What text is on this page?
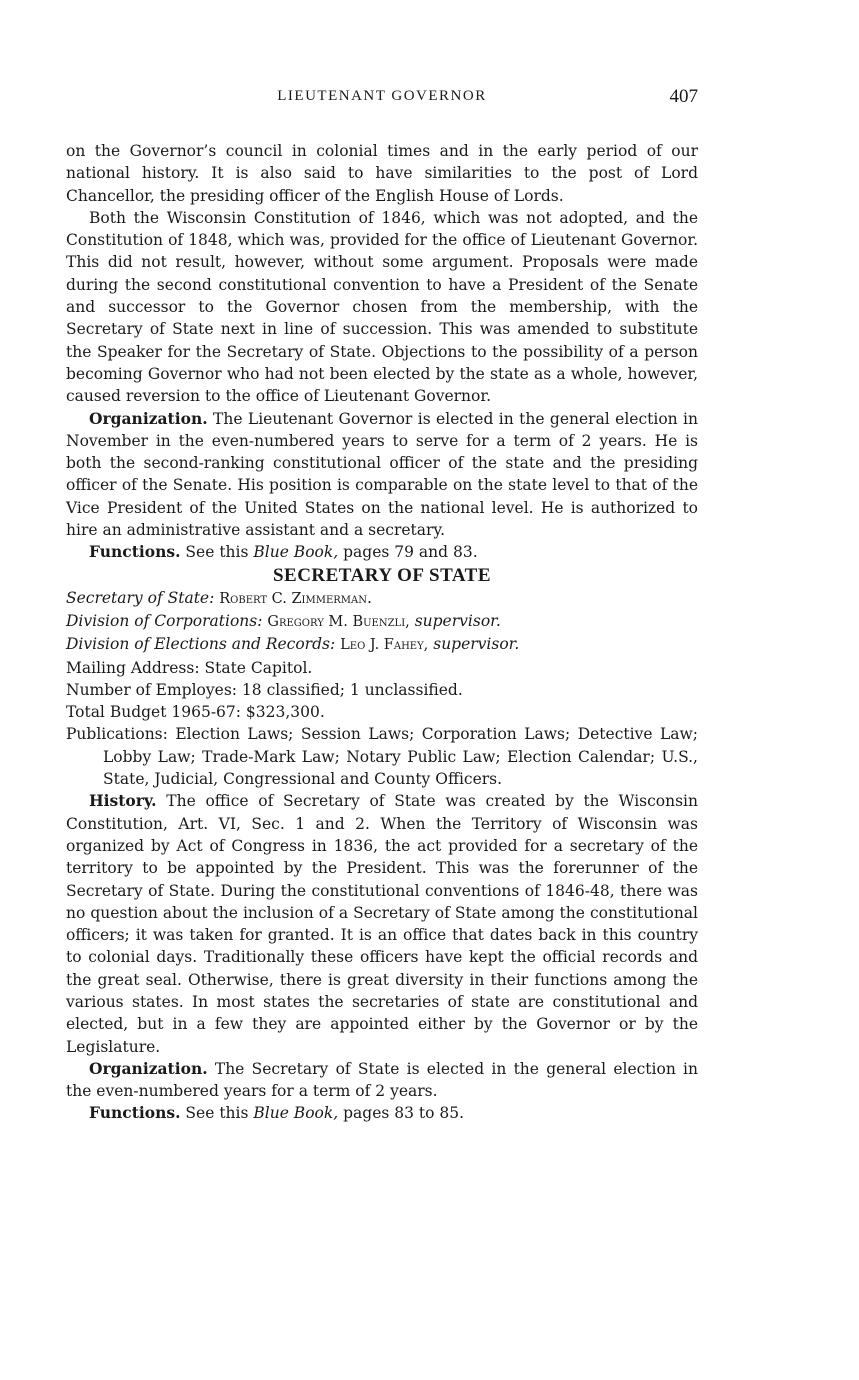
LIEUTENANT GOVERNOR	407

on the Governor’s council in colonial times and in the early period of our national history. It is also said to have similarities to the post of Lord Chancellor, the presiding officer of the English House of Lords.

Both the Wisconsin Constitution of 1846, which was not adopted, and the Constitution of 1848, which was, provided for the office of Lieutenant Governor. This did not result, however, without some argument. Proposals were made during the second constitutional convention to have a President of the Senate and successor to the Governor chosen from the membership, with the Secretary of State next in line of succession. This was amended to substitute the Speaker for the Secretary of State. Objections to the possibility of a person becoming Governor who had not been elected by the state as a whole, however, caused reversion to the office of Lieutenant Governor.

Organization. The Lieutenant Governor is elected in the general election in November in the even-numbered years to serve for a term of 2 years. He is both the second-ranking constitutional officer of the state and the presiding officer of the Senate. His position is comparable on the state level to that of the Vice President of the United States on the national level. He is authorized to hire an administrative assistant and a secretary.

Functions. See this Blue Book, pages 79 and 83.

SECRETARY OF STATE
Secretary of State: Robert C. Zimmerman.
Division of Corporations: Gregory M. Buenzli, supervisor.
Division of Elections and Records: Leo J. Fahey, supervisor.
Mailing Address: State Capitol.
Number of Employes: 18 classified; 1 unclassified.
Total Budget 1965-67: $323,300.

Publications: Election Laws; Session Laws; Corporation Laws; Detective Law; Lobby Law; Trade-Mark Law; Notary Public Law; Election Calendar; U.S., State, Judicial, Congressional and County Officers.

History. The office of Secretary of State was created by the Wisconsin Constitution, Art. VI, Sec. 1 and 2. When the Territory of Wisconsin was organized by Act of Congress in 1836, the act provided for a secretary of the territory to be appointed by the President. This was the forerunner of the Secretary of State. During the constitutional conventions of 1846-48, there was no question about the inclusion of a Secretary of State among the constitutional officers; it was taken for granted. It is an office that dates back in this country to colonial days. Traditionally these officers have kept the official records and the great seal. Otherwise, there is great diversity in their functions among the various states. In most states the secretaries of state are constitutional and elected, but in a few they are appointed either by the Governor or by the Legislature.

Organization. The Secretary of State is elected in the general election in the even-numbered years for a term of 2 years.

Functions. See this Blue Book, pages 83 to 85.
